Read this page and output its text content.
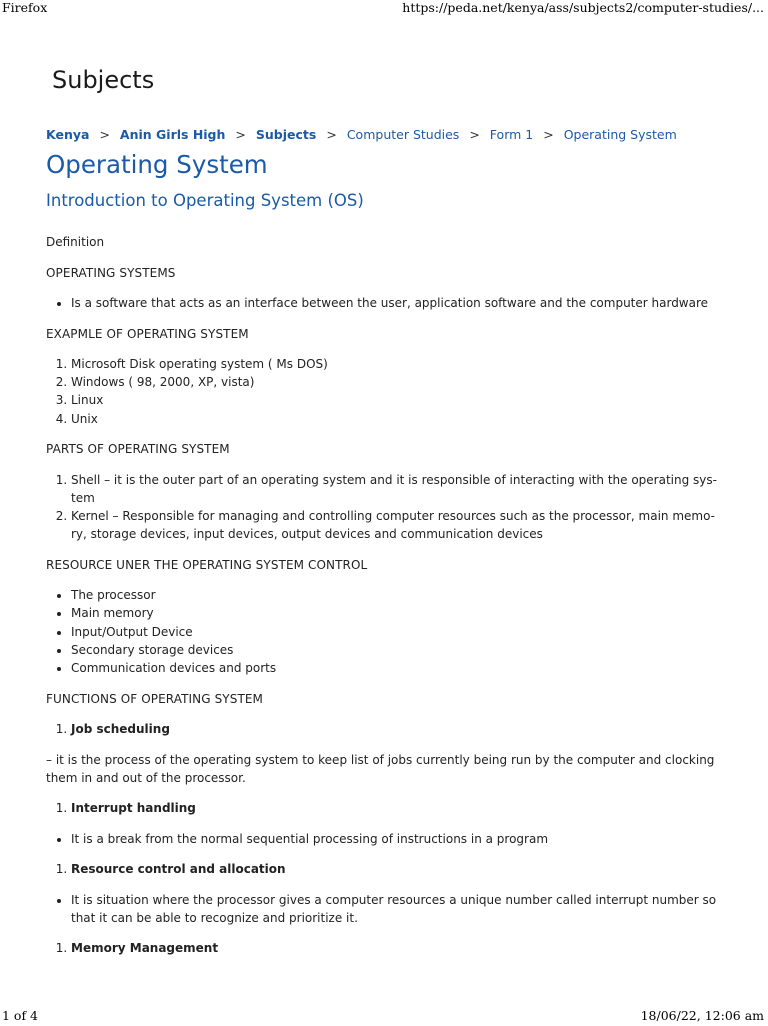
Firefox	https://peda.net/kenya/ass/subjects2/computer-studies/...
Subjects
Kenya > Anin Girls High > Subjects > Computer Studies > Form 1 > Operating System
Operating System
Introduction to Operating System (OS)

Definition

OPERATING SYSTEMS

• Is a software that acts as an interface between the user, application software and the computer hardware

EXAPMLE OF OPERATING SYSTEM

1. Microsoft Disk operating system ( Ms DOS)
2. Windows ( 98, 2000, XP, vista)
3. Linux
4. Unix

PARTS OF OPERATING SYSTEM

1. Shell – it is the outer part of an operating system and it is responsible of interacting with the operating sys-tem
2. Kernel – Responsible for managing and controlling computer resources such as the processor, main memo-ry, storage devices, input devices, output devices and communication devices

RESOURCE UNER THE OPERATING SYSTEM CONTROL

• The processor
• Main memory
• Input/Output Device
• Secondary storage devices
• Communication devices and ports

FUNCTIONS OF OPERATING SYSTEM

1. Job scheduling

– it is the process of the operating system to keep list of jobs currently being run by the computer and clocking them in and out of the processor.

1. Interrupt handling
• It is a break from the normal sequential processing of instructions in a program
1. Resource control and allocation
• It is situation where the processor gives a computer resources a unique number called interrupt number so that it can be able to recognize and prioritize it.
1. Memory Management
1 of 4	18/06/22, 12:06 am
